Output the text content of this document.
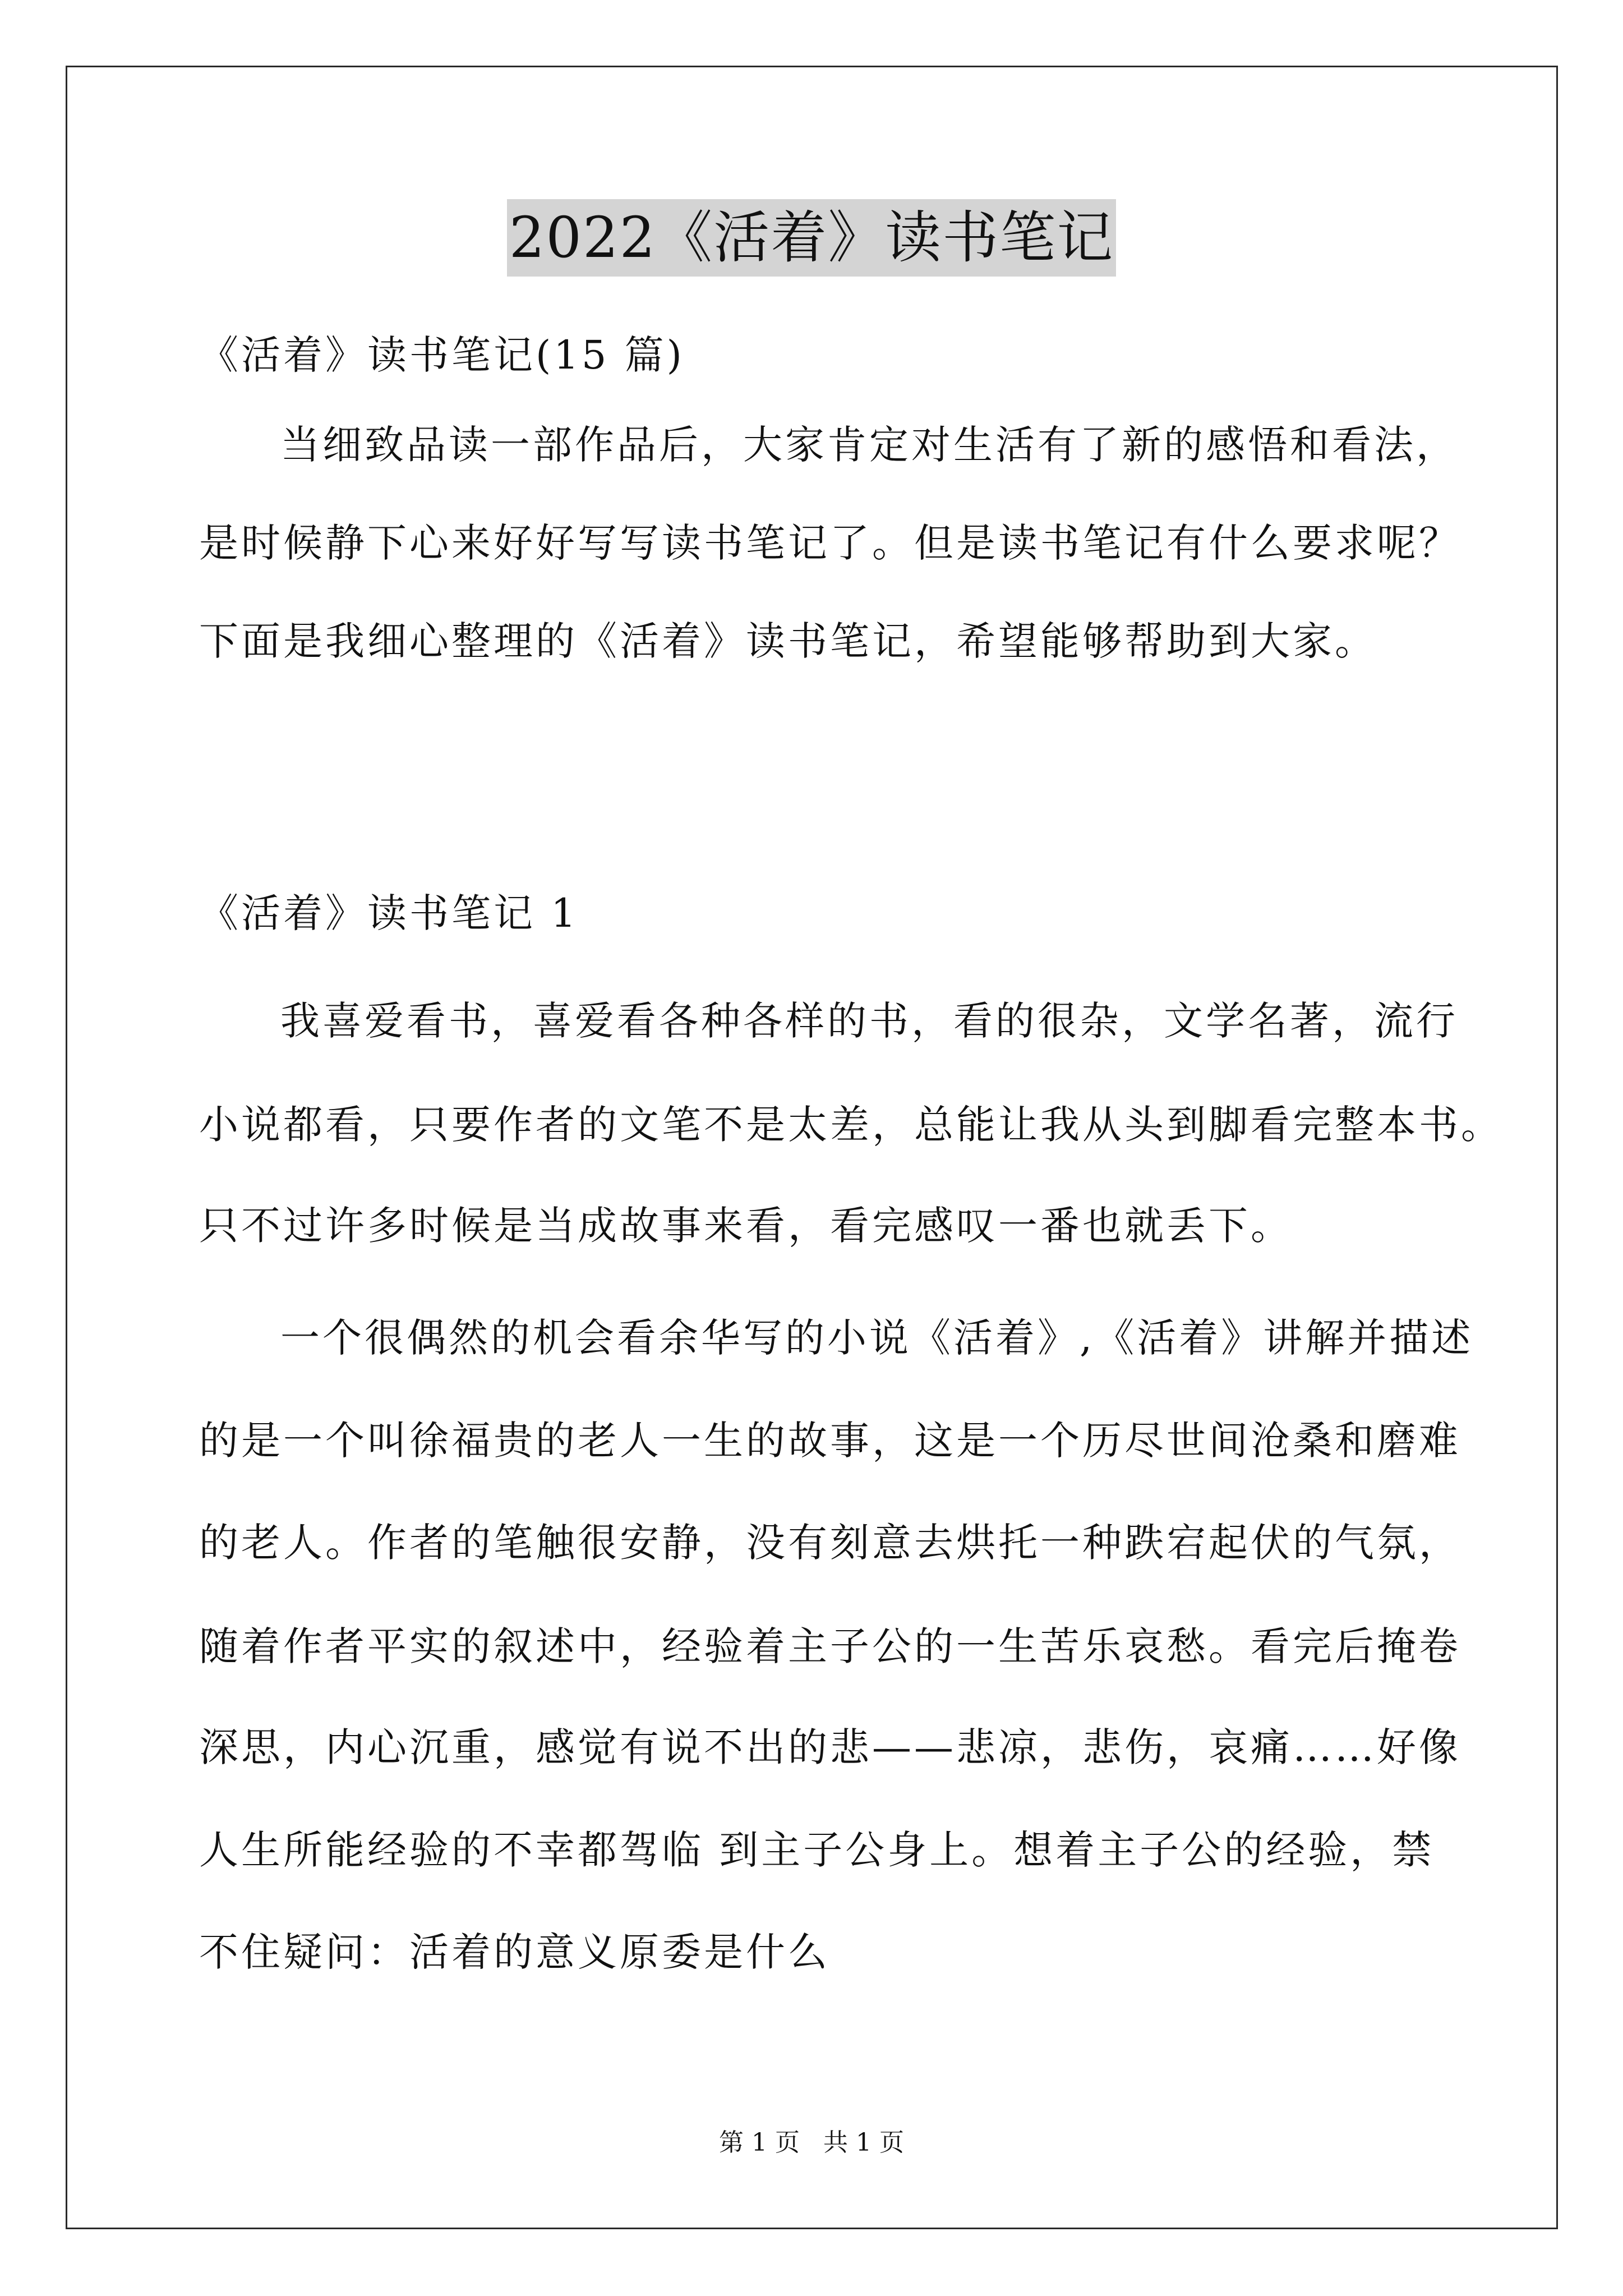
2022《活着》读书笔记
《活着》读书笔记(15 篇)
当细致品读一部作品后，大家肯定对生活有了新的感悟和看法，
是时候静下心来好好写写读书笔记了。但是读书笔记有什么要求呢？
下面是我细心整理的《活着》读书笔记，希望能够帮助到大家。
《活着》读书笔记 1
我喜爱看书，喜爱看各种各样的书，看的很杂，文学名著，流行
小说都看，只要作者的文笔不是太差，总能让我从头到脚看完整本书。
只不过许多时候是当成故事来看，看完感叹一番也就丢下。
一个很偶然的机会看余华写的小说《活着》,《活着》讲解并描述
的是一个叫徐福贵的老人一生的故事，这是一个历尽世间沧桑和磨难
的老人。作者的笔触很安静，没有刻意去烘托一种跌宕起伏的气氛，
随着作者平实的叙述中，经验着主子公的一生苦乐哀愁。看完后掩卷
深思，内心沉重，感觉有说不出的悲——悲凉，悲伤，哀痛……好像
人生所能经验的不幸都驾临 到主子公身上。想着主子公的经验，禁
不住疑问：活着的意义原委是什么
第 1 页   共 1 页
